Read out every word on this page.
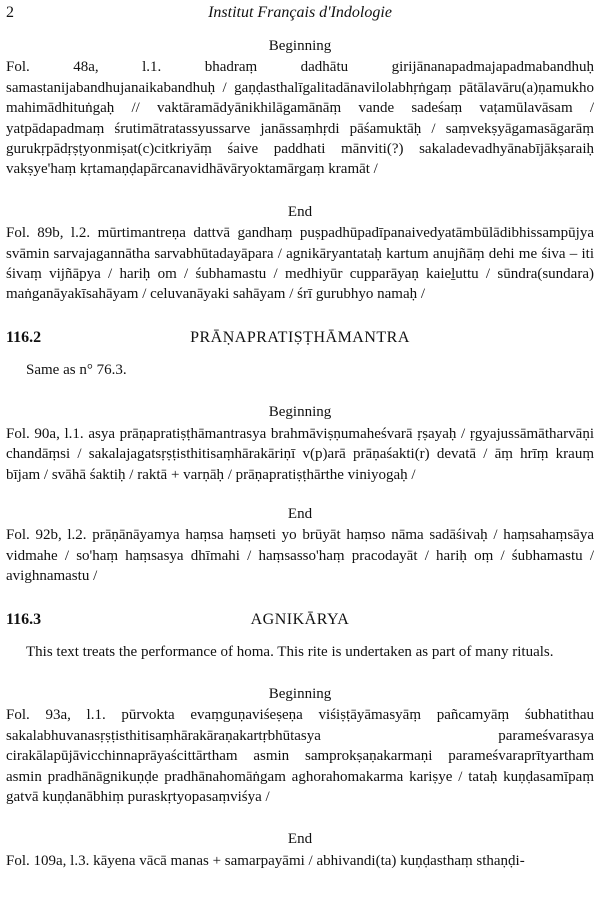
2	Institut Français d'Indologie
Beginning

Fol. 48a, l.1. bhadraṃ dadhātu girijānanapadmajapadmabandhuḥ samastanijabandhujanaikabandhuḥ / gaṇḍasthalīgalitadānavilolabhṛṅgaṃ pātālavāru(a)ṇamukho mahimādhituṅgaḥ // vaktāramādyānikhilāgamānāṃ vande sadeśaṃ vaṭamūlavāsam / yatpādapadmaṃ śrutimātratassyussarve janāssaṃhṛdi pāśamuktāḥ / saṃvekṣyāgamasāgarāṃ gurukṛpādṛṣṭyonmiṣat(c)citkriyāṃ śaive paddhati mānviti(?) sakaladevadhyānabījākṣaraiḥ vakṣye'haṃ kṛtamaṇḍapārcanavidhāvāryoktamārgaṃ kramāt /

End

Fol. 89b, l.2. mūrtimantreṇa dattvā gandhaṃ puṣpadhūpadīpanaivedyatāmbūlādibhissampūjya svāmin sarvajagannātha sarvabhūtadayāpara / agnikāryantataḥ kartum anujñāṃ dehi me śiva – iti śivaṃ vijñāpya / hariḥ om / śubhamastu / medhiyūr cupparāyaṇ kaieḻuttu / sūndra(sundara) maṅganāyakīsahāyam / celuvanāyaki sahāyam / śrī gurubhyo namaḥ /

116.2	PRĀṆAPRATIṢṬHĀMANTRA

Same as n° 76.3.

Beginning

Fol. 90a, l.1. asya prāṇapratiṣṭhāmantrasya brahmāviṣṇumaheśvarā ṛṣayaḥ / ṛgyajussāmātharvāṇi chandāṃsi / sakalajagatsṛṣṭisthitisaṃhārakāriṇī v(p)arā prāṇaśakti(r) devatā / āṃ hrīṃ krauṃ bījam / svāhā śaktiḥ / raktā + varṇāḥ / prāṇapratiṣṭhārthe viniyogaḥ /

End

Fol. 92b, l.2. prāṇānāyamya haṃsa haṃseti yo brūyāt haṃso nāma sadāśivaḥ / haṃsahaṃsāya vidmahe / so'haṃ haṃsasya dhīmahi / haṃsasso'haṃ pracodayāt / hariḥ oṃ / śubhamastu / avighnamastu /

116.3	AGNIKĀRYA

This text treats the performance of homa. This rite is undertaken as part of many rituals.

Beginning

Fol. 93a, l.1. pūrvokta evaṃguṇaviśeṣeṇa viśiṣṭāyāmasyāṃ pañcamyāṃ śubhatithau sakalabhuvanasṛṣṭisthitisaṃhārakāraṇakartṛbhūtasya parameśvarasya cirakālapūjāvicchinnaprāyaścittārtham asmin samprokṣaṇakarmaṇi parameśvaraprītyartham asmin pradhānāgnikuṇḍe pradhānahomāṅgam aghorahomakarma kariṣye / tataḥ kuṇḍasamīpaṃ gatvā kuṇḍanābhiṃ puraskṛtyopasaṃviśya /

End

Fol. 109a, l.3. kāyena vācā manas + samarpayāmi / abhivandi(ta) kuṇḍasthaṃ sthaṇḍi-
